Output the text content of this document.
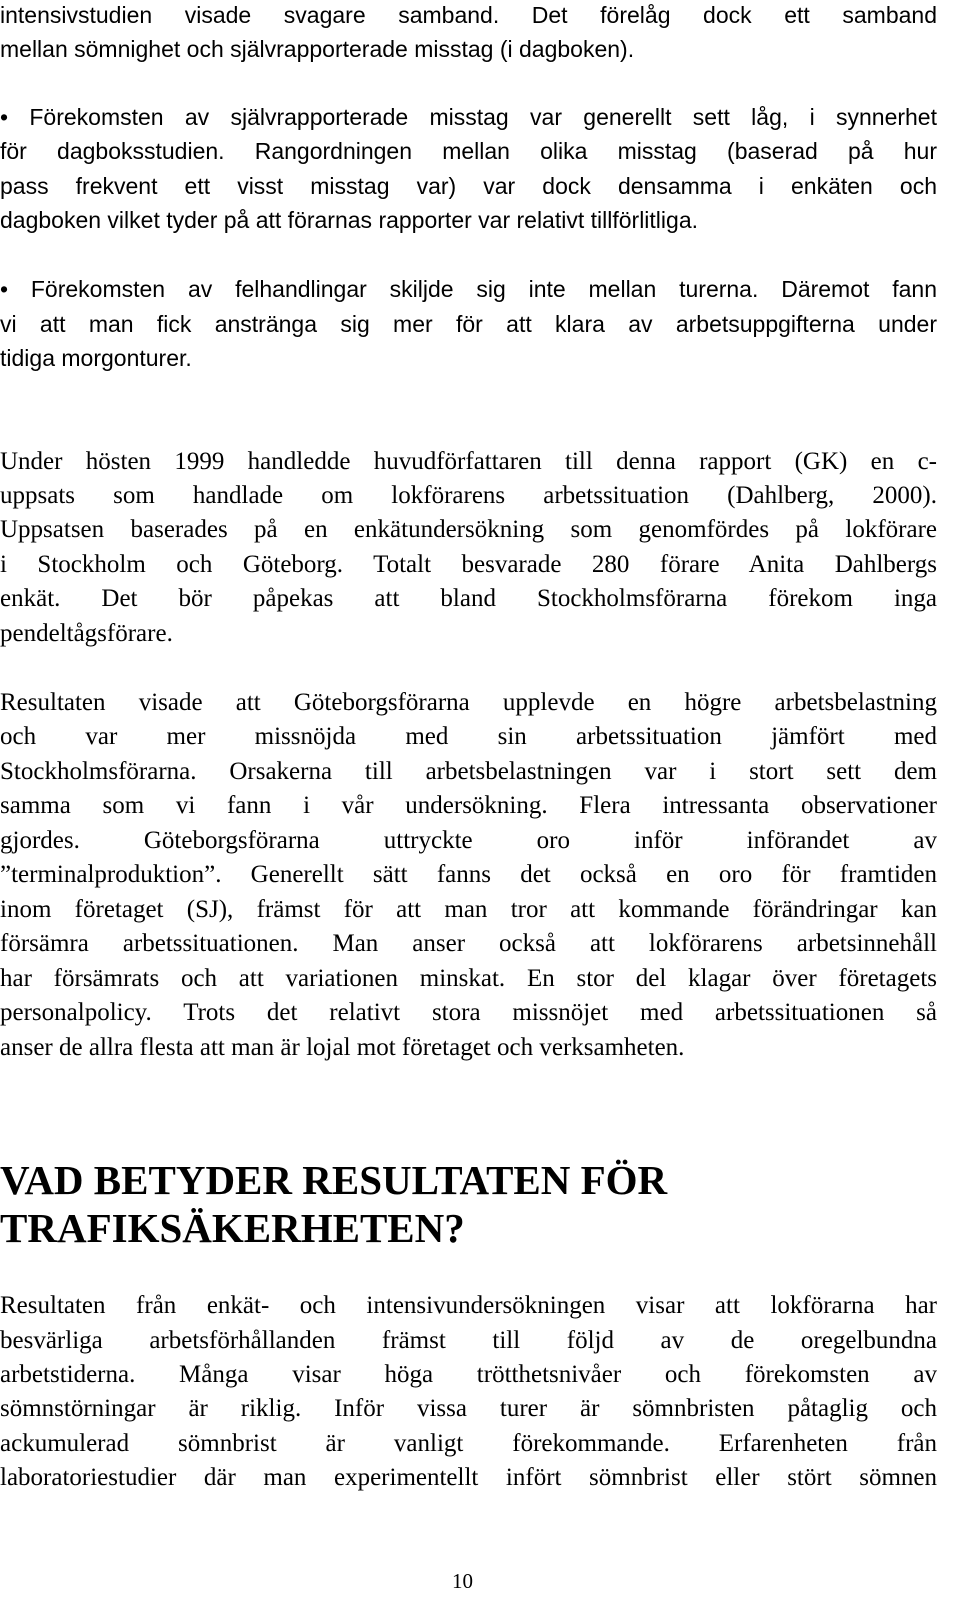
intensivstudien visade svagare samband. Det förelåg dock ett samband
mellan sömnighet och självrapporterade misstag (i dagboken).
• Förekomsten av självrapporterade misstag var generellt sett låg, i synnerhet
för dagboksstudien. Rangordningen mellan olika misstag (baserad på hur
pass frekvent ett visst misstag var) var dock densamma i enkäten och
dagboken vilket tyder på att förarnas rapporter var relativt tillförlitliga.
• Förekomsten av felhandlingar skiljde sig inte mellan turerna. Däremot fann
vi att man fick anstränga sig mer för att klara av arbetsuppgifterna under
tidiga morgonturer.
Under hösten 1999 handledde huvudförfattaren till denna rapport (GK) en c-
uppsats som handlade om lokförarens arbetssituation (Dahlberg, 2000).
Uppsatsen baserades på en enkätundersökning som genomfördes på lokförare
i Stockholm och Göteborg. Totalt besvarade 280 förare Anita Dahlbergs
enkät. Det bör påpekas att bland Stockholmsförarna förekom inga
pendeltågsförare.
Resultaten visade att Göteborgsförarna upplevde en högre arbetsbelastning
och var mer missnöjda med sin arbetssituation jämfört med
Stockholmsförarna. Orsakerna till arbetsbelastningen var i stort sett dem
samma som vi fann i vår undersökning. Flera intressanta observationer
gjordes. Göteborgsförarna uttryckte oro inför införandet av
”terminalproduktion”. Generellt sätt fanns det också en oro för framtiden
inom företaget (SJ), främst för att man tror att kommande förändringar kan
försämra arbetssituationen. Man anser också att lokförarens arbetsinnehåll
har försämrats och att variationen minskat. En stor del klagar över företagets
personalpolicy. Trots det relativt stora missnöjet med arbetssituationen så
anser de allra flesta att man är lojal mot företaget och verksamheten.
VAD BETYDER RESULTATEN FÖR
TRAFIKSÄKERHETEN?
Resultaten från enkät- och intensivundersökningen visar att lokförarna har
besvärliga arbetsförhållanden främst till följd av de oregelbundna
arbetstiderna. Många visar höga trötthetsnivåer och förekomsten av
sömnstörningar är riklig. Inför vissa turer är sömnbristen påtaglig och
ackumulerad sömnbrist är vanligt förekommande. Erfarenheten från
laboratoriestudier där man experimentellt infört sömnbrist eller stört sömnen
10
